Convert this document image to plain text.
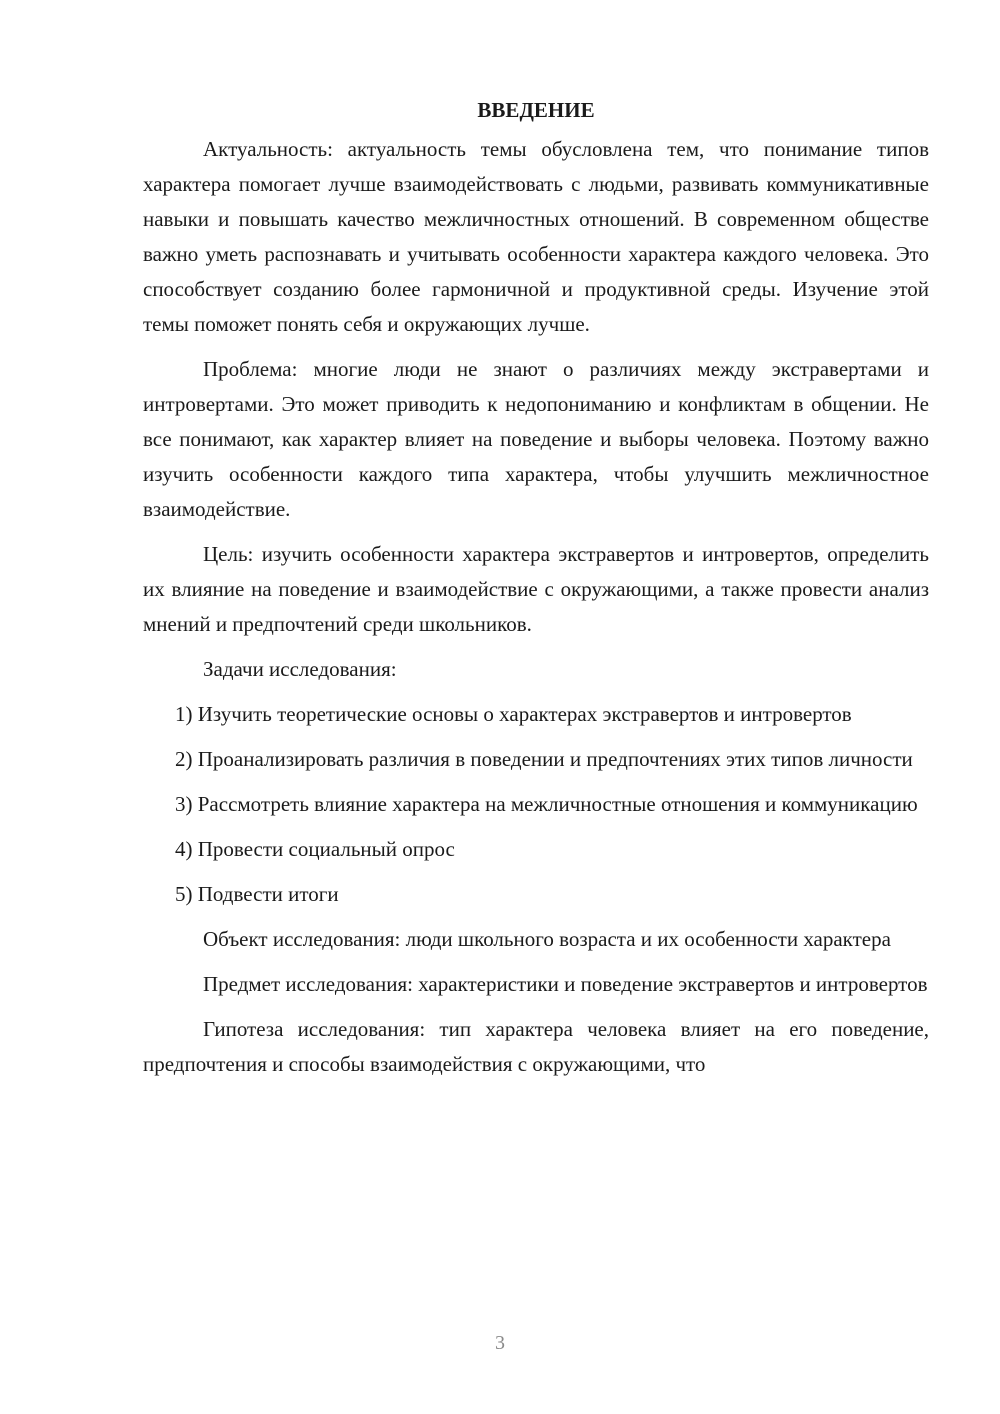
ВВЕДЕНИЕ

Актуальность: актуальность темы обусловлена тем, что понимание типов характера помогает лучше взаимодействовать с людьми, развивать коммуникативные навыки и повышать качество межличностных отношений. В современном обществе важно уметь распознавать и учитывать особенности характера каждого человека. Это способствует созданию более гармоничной и продуктивной среды. Изучение этой темы поможет понять себя и окружающих лучше.

Проблема: многие люди не знают о различиях между экстравертами и интровертами. Это может приводить к недопониманию и конфликтам в общении. Не все понимают, как характер влияет на поведение и выборы человека. Поэтому важно изучить особенности каждого типа характера, чтобы улучшить межличностное взаимодействие.

Цель: изучить особенности характера экстравертов и интровертов, определить их влияние на поведение и взаимодействие с окружающими, а также провести анализ мнений и предпочтений среди школьников.

Задачи исследования:

1) Изучить теоретические основы о характерах экстравертов и интровертов

2) Проанализировать различия в поведении и предпочтениях этих типов личности

3) Рассмотреть влияние характера на межличностные отношения и коммуникацию

4) Провести социальный опрос

5) Подвести итоги

Объект исследования: люди школьного возраста и их особенности характера

Предмет исследования: характеристики и поведение экстравертов и интровертов

Гипотеза исследования: тип характера человека влияет на его поведение, предпочтения и способы взаимодействия с окружающими, что

3
